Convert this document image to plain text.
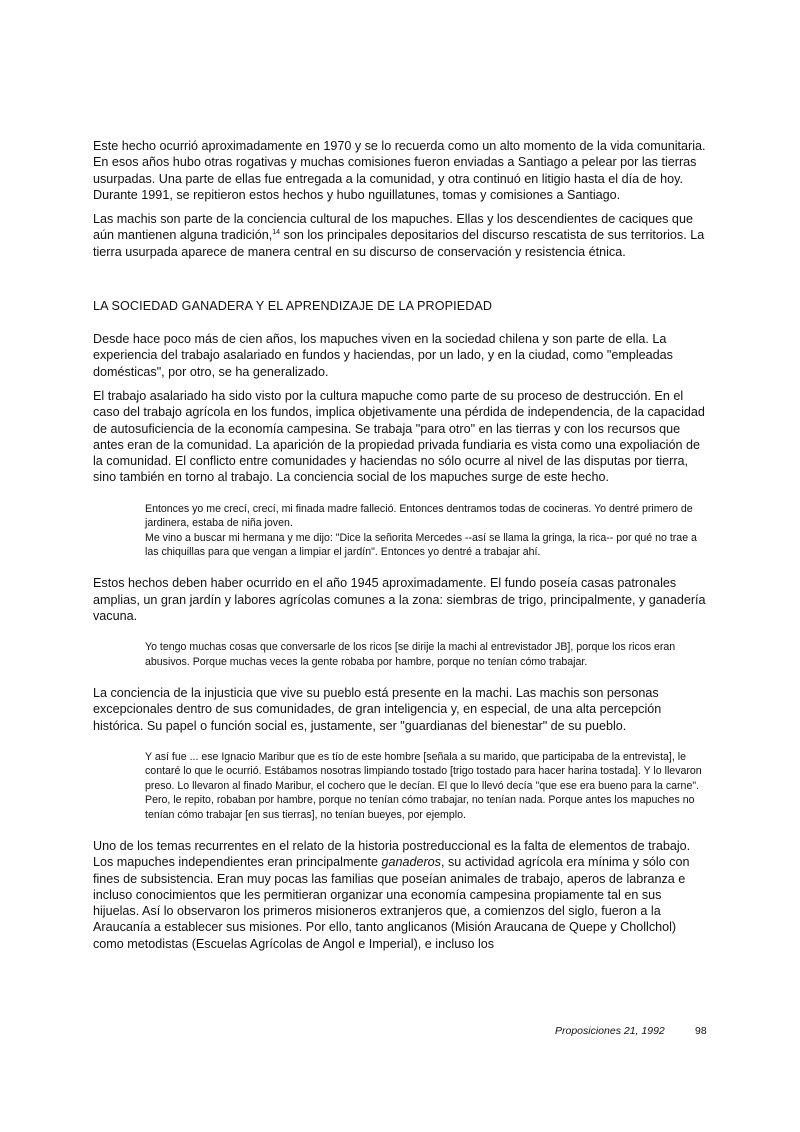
Este hecho ocurrió aproximadamente en 1970 y se lo recuerda como un alto momento de la vida comunitaria. En esos años hubo otras rogativas y muchas comisiones fueron enviadas a Santiago a pelear por las tierras usurpadas. Una parte de ellas fue entregada a la comunidad, y otra continuó en litigio hasta el día de hoy. Durante 1991, se repitieron estos hechos y hubo nguillatunes, tomas y comisiones a Santiago.

Las machis son parte de la conciencia cultural de los mapuches. Ellas y los descendientes de caciques que aún mantienen alguna tradición,$^{14}$ son los principales depositarios del discurso rescatista de sus territorios. La tierra usurpada aparece de manera central en su discurso de conservación y resistencia étnica.

LA SOCIEDAD GANADERA Y EL APRENDIZAJE DE LA PROPIEDAD

Desde hace poco más de cien años, los mapuches viven en la sociedad chilena y son parte de ella. La experiencia del trabajo asalariado en fundos y haciendas, por un lado, y en la ciudad, como "empleadas domésticas", por otro, se ha generalizado.

El trabajo asalariado ha sido visto por la cultura mapuche como parte de su proceso de destrucción. En el caso del trabajo agrícola en los fundos, implica objetivamente una pérdida de independencia, de la capacidad de autosuficiencia de la economía campesina. Se trabaja "para otro" en las tierras y con los recursos que antes eran de la comunidad. La aparición de la propiedad privada fundiaria es vista como una expoliación de la comunidad. El conflicto entre comunidades y haciendas no sólo ocurre al nivel de las disputas por tierra, sino también en torno al trabajo. La conciencia social de los mapuches surge de este hecho.

Entonces yo me crecí, crecí, mi finada madre falleció. Entonces dentramos todas de cocineras. Yo dentré primero de jardinera, estaba de niña joven.

Me vino a buscar mi hermana y me dijo: "Dice la señorita Mercedes --así se llama la gringa, la rica-- por qué no trae a las chiquillas para que vengan a limpiar el jardín". Entonces yo dentré a trabajar ahí.

Estos hechos deben haber ocurrido en el año 1945 aproximadamente. El fundo poseía casas patronales amplias, un gran jardín y labores agrícolas comunes a la zona: siembras de trigo, principalmente, y ganadería vacuna.

Yo tengo muchas cosas que conversarle de los ricos [se dirije la machi al entrevistador JB], porque los ricos eran abusivos. Porque muchas veces la gente robaba por hambre, porque no tenían cómo trabajar.

La conciencia de la injusticia que vive su pueblo está presente en la machi. Las machis son personas excepcionales dentro de sus comunidades, de gran inteligencia y, en especial, de una alta percepción histórica. Su papel o función social es, justamente, ser "guardianas del bienestar" de su pueblo.

Y así fue ... ese Ignacio Maribur que es tío de este hombre [señala a su marido, que participaba de la entrevista], le contaré lo que le ocurrió. Estábamos nosotras limpiando tostado [trigo tostado para hacer harina tostada]. Y lo llevaron preso. Lo llevaron al finado Maribur, el cochero que le decían. El que lo llevó decía "que ese era bueno para la carne".

Pero, le repito, robaban por hambre, porque no tenían cómo trabajar, no tenían nada. Porque antes los mapuches no tenían cómo trabajar [en sus tierras], no tenían bueyes, por ejemplo.

Uno de los temas recurrentes en el relato de la historia postreduccional es la falta de elementos de trabajo. Los mapuches independientes eran principalmente ganaderos, su actividad agrícola era mínima y sólo con fines de subsistencia. Eran muy pocas las familias que poseían animales de trabajo, aperos de labranza e incluso conocimientos que les permitieran organizar una economía campesina propiamente tal en sus hijuelas. Así lo observaron los primeros misioneros extranjeros que, a comienzos del siglo, fueron a la Araucanía a establecer sus misiones. Por ello, tanto anglicanos (Misión Araucana de Quepe y Chollchol) como metodistas (Escuelas Agrícolas de Angol e Imperial), e incluso los

Proposiciones 21, 1992	98
